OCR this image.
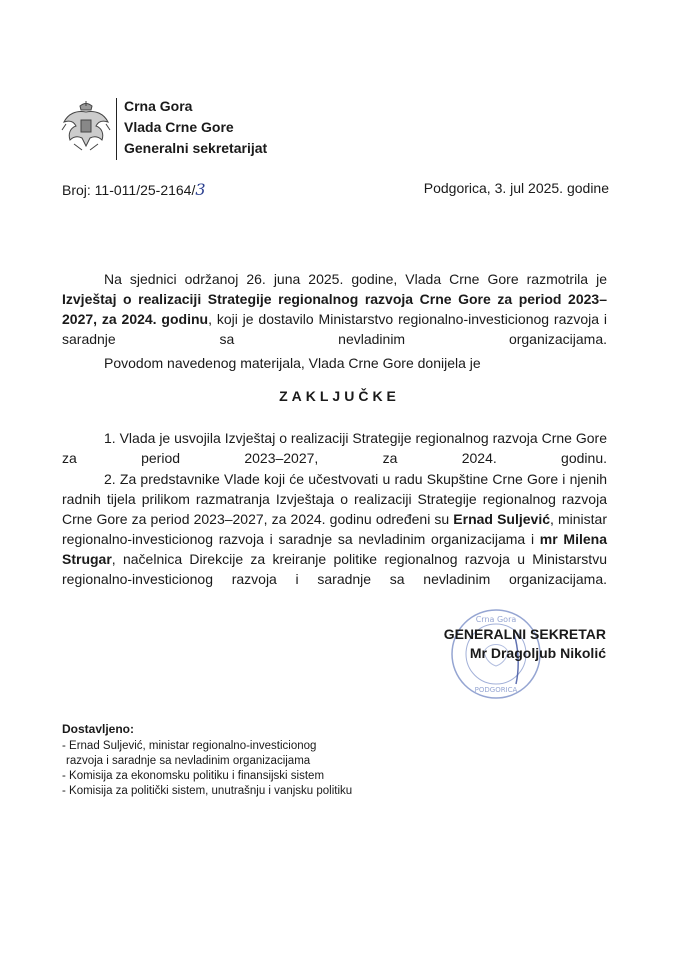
Crna Gora
Vlada Crne Gore
Generalni sekretarijat
Broj: 11-011/25-2164/3	Podgorica, 3. jul 2025. godine
Na sjednici održanoj 26. juna 2025. godine, Vlada Crne Gore razmotrila je Izvještaj o realizaciji Strategije regionalnog razvoja Crne Gore za period 2023–2027, za 2024. godinu, koji je dostavilo Ministarstvo regionalno-investicionog razvoja i saradnje sa nevladinim organizacijama.
Povodom navedenog materijala, Vlada Crne Gore donijela je
ZAKLJUČKE
1. Vlada je usvojila Izvještaj o realizaciji Strategije regionalnog razvoja Crne Gore za period 2023–2027, za 2024. godinu.
2. Za predstavnike Vlade koji će učestvovati u radu Skupštine Crne Gore i njenih radnih tijela prilikom razmatranja Izvještaja o realizaciji Strategije regionalnog razvoja Crne Gore za period 2023–2027, za 2024. godinu određeni su Ernad Suljević, ministar regionalno-investicionog razvoja i saradnje sa nevladinim organizacijama i mr Milena Strugar, načelnica Direkcije za kreiranje politike regionalnog razvoja u Ministarstvu regionalno-investicionog razvoja i saradnje sa nevladinim organizacijama.
Crna Gora
PODGORICA
GENERALNI SEKRETAR
Mr Dragoljub Nikolić
Dostavljeno:
- Ernad Suljević, ministar regionalno-investicionog
razvoja i saradnje sa nevladinim organizacijama
- Komisija za ekonomsku politiku i finansijski sistem
- Komisija za politički sistem, unutrašnju i vanjsku politiku
